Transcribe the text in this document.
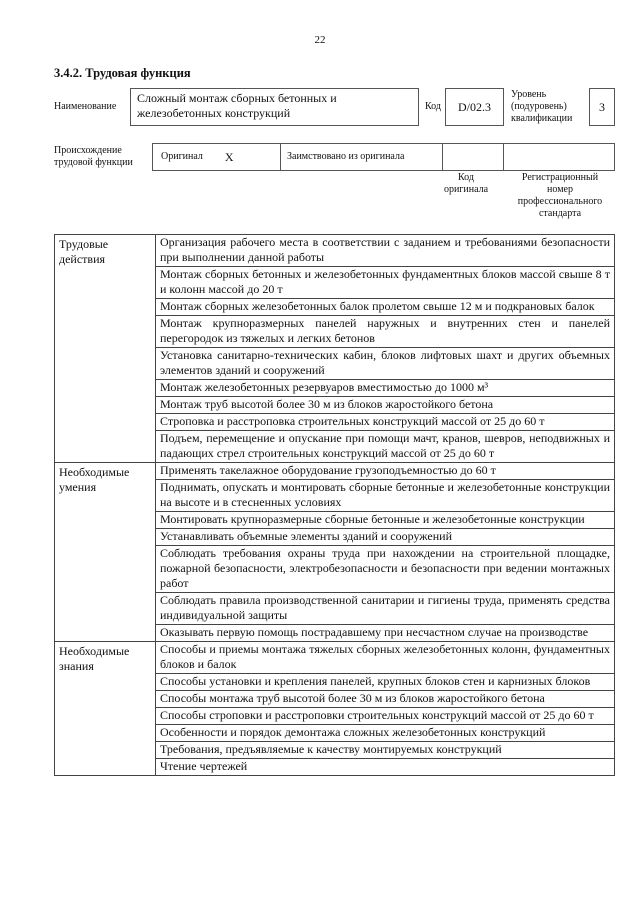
22
3.4.2. Трудовая функция
Наименование
Сложный монтаж сборных бетонных и железобетонных конструкций	Код D/02.3
Уровень (подуровень) квалификации
3
Происхождение трудовой функции
Оригинал X	Заимствовано из оригинала
Код оригинала
Регистрационный номер профессионального стандарта
Трудовые действия	Организация рабочего места в соответствии с заданием и требованиями безопасности при выполнении данной работы
	Монтаж сборных бетонных и железобетонных фундаментных блоков массой свыше 8 т и колонн массой до 20 т
	Монтаж сборных железобетонных балок пролетом свыше 12 м и подкрановых балок
	Монтаж крупноразмерных панелей наружных и внутренних стен и панелей перегородок из тяжелых и легких бетонов
	Установка санитарно-технических кабин, блоков лифтовых шахт и других объемных элементов зданий и сооружений
	Монтаж железобетонных резервуаров вместимостью до 1000 м³
	Монтаж труб высотой более 30 м из блоков жаростойкого бетона
	Строповка и расстроповка строительных конструкций массой от 25 до 60 т
	Подъем, перемещение и опускание при помощи мачт, кранов, шевров, неподвижных и падающих стрел строительных конструкций массой от 25 до 60 т
Необходимые умения	Применять такелажное оборудование грузоподъемностью до 60 т
	Поднимать, опускать и монтировать сборные бетонные и железобетонные конструкции на высоте и в стесненных условиях
	Монтировать крупноразмерные сборные бетонные и железобетонные конструкции
	Устанавливать объемные элементы зданий и сооружений
	Соблюдать требования охраны труда при нахождении на строительной площадке, пожарной безопасности, электробезопасности и безопасности при ведении монтажных работ
	Соблюдать правила производственной санитарии и гигиены труда, применять средства индивидуальной защиты
	Оказывать первую помощь пострадавшему при несчастном случае на производстве
Необходимые знания	Способы и приемы монтажа тяжелых сборных железобетонных колонн, фундаментных блоков и балок
	Способы установки и крепления панелей, крупных блоков стен и карнизных блоков
	Способы монтажа труб высотой более 30 м из блоков жаростойкого бетона
	Способы строповки и расстроповки строительных конструкций массой от 25 до 60 т
	Особенности и порядок демонтажа сложных железобетонных конструкций
	Требования, предъявляемые к качеству монтируемых конструкций
	Чтение чертежей
